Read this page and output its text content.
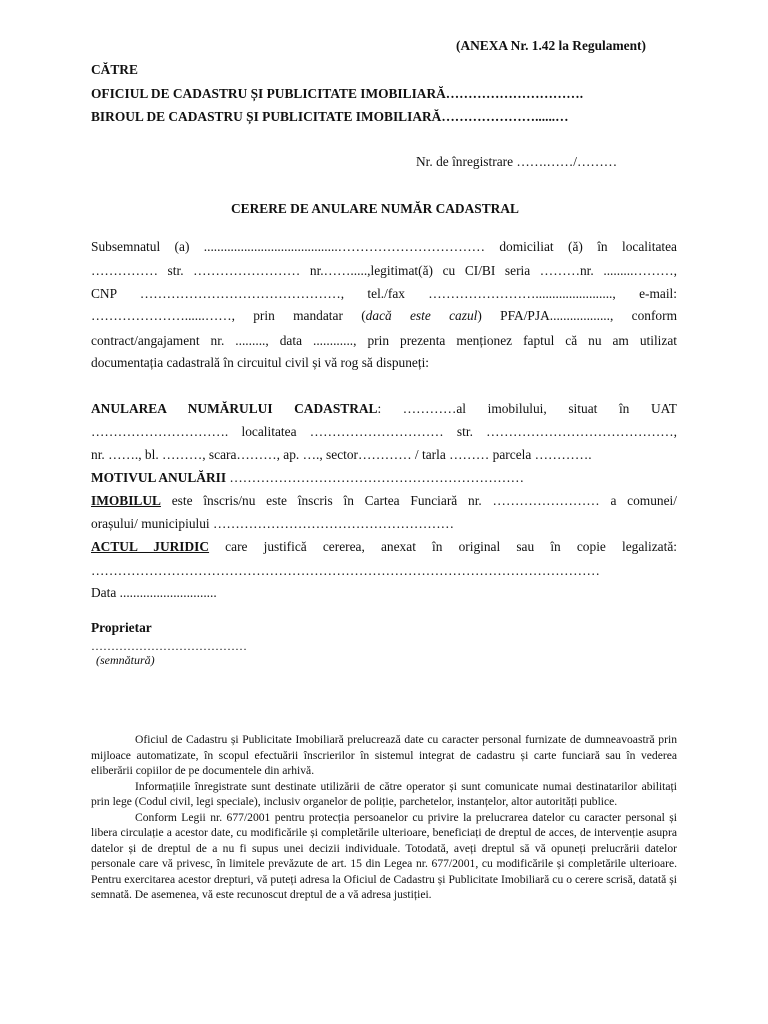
(ANEXA Nr. 1.42 la Regulament)
CĂTRE
OFICIUL DE CADASTRU ȘI PUBLICITATE IMOBILIARĂ………………………….
BIROUL DE CADASTRU ȘI PUBLICITATE IMOBILIARĂ…………………......…
Nr. de înregistrare …….……/………
CERERE DE ANULARE NUMĂR CADASTRAL
Subsemnatul (a) ........................................…………………………… domiciliat (ă) în localitatea
…………… str. …………………… nr.…….....,legitimat(ă) cu CI/BI seria ………nr. .........………,
CNP ………………………………………, tel./fax ……………………......................., e-mail:
…………………......……, prin mandatar (dacă este cazul) PFA/PJA.................., conform
contract/angajament nr. ........., data ............, prin prezenta menționez faptul că nu am utilizat
documentația cadastrală în circuitul civil și vă rog să dispuneți:
ANULAREA NUMĂRULUI CADASTRAL: …………al imobilului, situat în UAT
…………………………. localitatea ………………………… str. ……………………………………,
nr. ……., bl. ………, scara………, ap. …., sector………… / tarla ……… parcela ………….
MOTIVUL ANULĂRII …………………………………………………………
IMOBILUL este înscris/nu este înscris în Cartea Funciară nr. …………………… a comunei/
orașului/ municipiului ………………………………………………
ACTUL JURIDIC care justifică cererea, anexat în original sau în copie legalizată:
……………………………………………………………………………………………………
Data .............................
Proprietar
…………………………………
(semnătură)

Oficiul de Cadastru și Publicitate Imobiliară prelucrează date cu caracter personal furnizate de dumneavoastră prin mijloace automatizate, în scopul efectuării înscrierilor în sistemul integrat de cadastru și carte funciară sau în vederea eliberării copiilor de pe documentele din arhivă.

Informațiile înregistrate sunt destinate utilizării de către operator și sunt comunicate numai destinatarilor abilitați prin lege (Codul civil, legi speciale), inclusiv organelor de poliție, parchetelor, instanțelor, altor autorități publice.

Conform Legii nr. 677/2001 pentru protecția persoanelor cu privire la prelucrarea datelor cu caracter personal și libera circulație a acestor date, cu modificările și completările ulterioare, beneficiați de dreptul de acces, de intervenție asupra datelor și de dreptul de a nu fi supus unei decizii individuale. Totodată, aveți dreptul să vă opuneți prelucrării datelor personale care vă privesc, în limitele prevăzute de art. 15 din Legea nr. 677/2001, cu modificările și completările ulterioare. Pentru exercitarea acestor drepturi, vă puteți adresa la Oficiul de Cadastru și Publicitate Imobiliară cu o cerere scrisă, datată și semnată. De asemenea, vă este recunoscut dreptul de a vă adresa justiției.
